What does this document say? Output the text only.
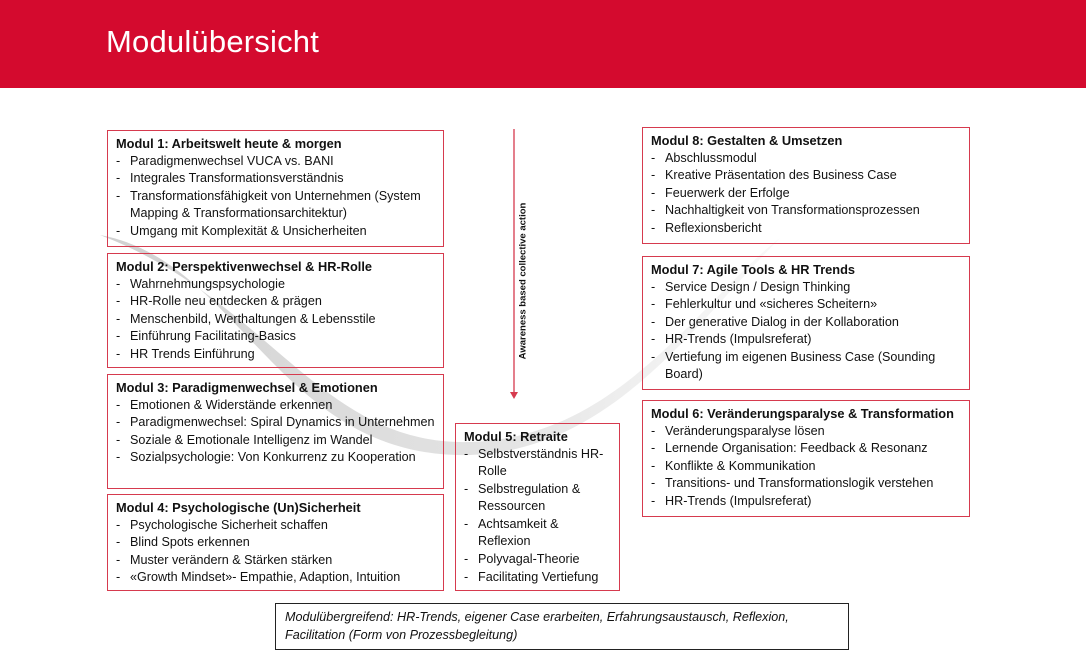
Modulübersicht
Awareness based collective action
Modul 1: Arbeitswelt heute & morgen
- Paradigmenwechsel VUCA vs. BANI
- Integrales Transformationsverständnis
- Transformationsfähigkeit von Unternehmen (System Mapping & Transformationsarchitektur)
- Umgang mit Komplexität & Unsicherheiten
Modul 2: Perspektivenwechsel & HR-Rolle
- Wahrnehmungspsychologie
- HR-Rolle neu entdecken & prägen
- Menschenbild, Werthaltungen & Lebensstile
- Einführung Facilitating-Basics
- HR Trends Einführung
Modul 3: Paradigmenwechsel & Emotionen
- Emotionen & Widerstände erkennen
- Paradigmenwechsel: Spiral Dynamics in Unternehmen
- Soziale & Emotionale Intelligenz im Wandel
- Sozialpsychologie: Von Konkurrenz zu Kooperation
Modul 4: Psychologische (Un)Sicherheit
- Psychologische Sicherheit schaffen
- Blind Spots erkennen
- Muster verändern & Stärken stärken
- «Growth Mindset»- Empathie, Adaption, Intuition
Modul 5: Retraite
- Selbstverständnis HR-Rolle
- Selbstregulation & Ressourcen
- Achtsamkeit & Reflexion
- Polyvagal-Theorie
- Facilitating Vertiefung
Modul 6: Veränderungsparalyse & Transformation
- Veränderungsparalyse lösen
- Lernende Organisation: Feedback & Resonanz
- Konflikte & Kommunikation
- Transitions- und Transformationslogik verstehen
- HR-Trends (Impulsreferat)
Modul 7: Agile Tools & HR Trends
- Service Design / Design Thinking
- Fehlerkultur und «sicheres Scheitern»
- Der generative Dialog in der Kollaboration
- HR-Trends (Impulsreferat)
- Vertiefung im eigenen Business Case (Sounding Board)
Modul 8: Gestalten & Umsetzen
- Abschlussmodul
- Kreative Präsentation des Business Case
- Feuerwerk der Erfolge
- Nachhaltigkeit von Transformationsprozessen
- Reflexionsbericht
Modulübergreifend: HR-Trends, eigener Case erarbeiten, Erfahrungsaustausch, Reflexion, Facilitation (Form von Prozessbegleitung)
